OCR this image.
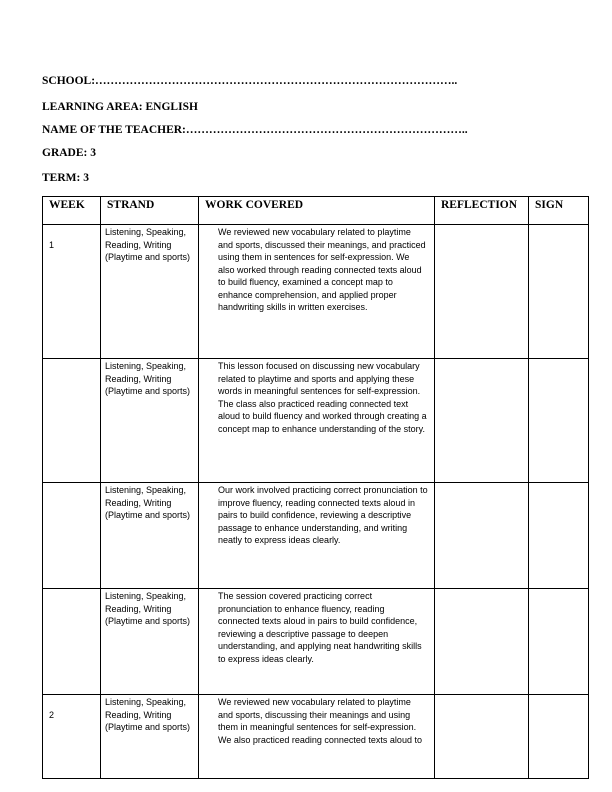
SCHOOL:…………………………………………………………………………………..
LEARNING AREA: ENGLISH
NAME OF THE TEACHER:………………………………………………………………..
GRADE: 3
TERM: 3
WEEK	STRAND	WORK COVERED	REFLECTION	SIGN
1	Listening, Speaking, Reading, Writing (Playtime and sports)	We reviewed new vocabulary related to playtime and sports, discussed their meanings, and practiced using them in sentences for self-expression. We also worked through reading connected texts aloud to build fluency, examined a concept map to enhance comprehension, and applied proper handwriting skills in written exercises.		
	Listening, Speaking, Reading, Writing (Playtime and sports)	This lesson focused on discussing new vocabulary related to playtime and sports and applying these words in meaningful sentences for self-expression. The class also practiced reading connected text aloud to build fluency and worked through creating a concept map to enhance understanding of the story.		
	Listening, Speaking, Reading, Writing (Playtime and sports)	Our work involved practicing correct pronunciation to improve fluency, reading connected texts aloud in pairs to build confidence, reviewing a descriptive passage to enhance understanding, and writing neatly to express ideas clearly.		
	Listening, Speaking, Reading, Writing (Playtime and sports)	The session covered practicing correct pronunciation to enhance fluency, reading connected texts aloud in pairs to build confidence, reviewing a descriptive passage to deepen understanding, and applying neat handwriting skills to express ideas clearly.		
2	Listening, Speaking, Reading, Writing (Playtime and sports)	We reviewed new vocabulary related to playtime and sports, discussing their meanings and using them in meaningful sentences for self-expression. We also practiced reading connected texts aloud to		
